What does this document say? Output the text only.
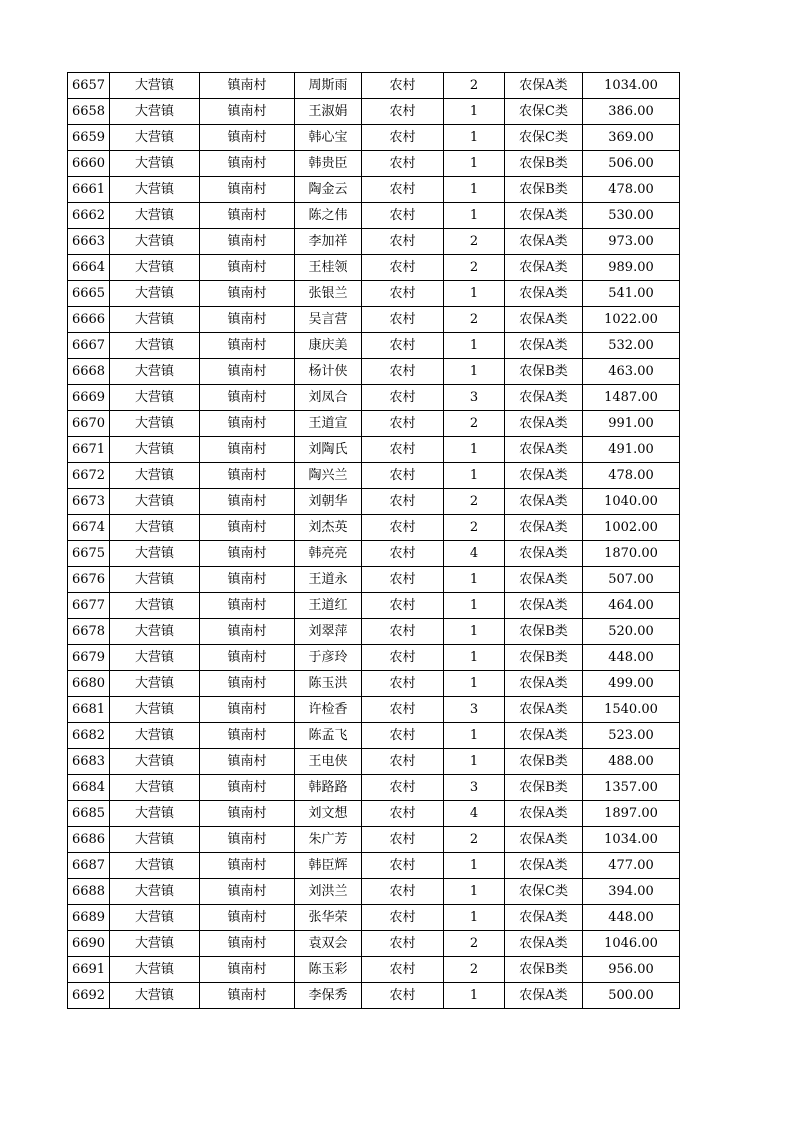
6657	大营镇	镇南村	周斯雨	农村	2	农保A类	1034.00
6658	大营镇	镇南村	王淑娟	农村	1	农保C类	386.00
6659	大营镇	镇南村	韩心宝	农村	1	农保C类	369.00
6660	大营镇	镇南村	韩贵臣	农村	1	农保B类	506.00
6661	大营镇	镇南村	陶金云	农村	1	农保B类	478.00
6662	大营镇	镇南村	陈之伟	农村	1	农保A类	530.00
6663	大营镇	镇南村	李加祥	农村	2	农保A类	973.00
6664	大营镇	镇南村	王桂领	农村	2	农保A类	989.00
6665	大营镇	镇南村	张银兰	农村	1	农保A类	541.00
6666	大营镇	镇南村	吴言营	农村	2	农保A类	1022.00
6667	大营镇	镇南村	康庆美	农村	1	农保A类	532.00
6668	大营镇	镇南村	杨计侠	农村	1	农保B类	463.00
6669	大营镇	镇南村	刘凤合	农村	3	农保A类	1487.00
6670	大营镇	镇南村	王道宣	农村	2	农保A类	991.00
6671	大营镇	镇南村	刘陶氏	农村	1	农保A类	491.00
6672	大营镇	镇南村	陶兴兰	农村	1	农保A类	478.00
6673	大营镇	镇南村	刘朝华	农村	2	农保A类	1040.00
6674	大营镇	镇南村	刘杰英	农村	2	农保A类	1002.00
6675	大营镇	镇南村	韩亮亮	农村	4	农保A类	1870.00
6676	大营镇	镇南村	王道永	农村	1	农保A类	507.00
6677	大营镇	镇南村	王道红	农村	1	农保A类	464.00
6678	大营镇	镇南村	刘翠萍	农村	1	农保B类	520.00
6679	大营镇	镇南村	于彦玲	农村	1	农保B类	448.00
6680	大营镇	镇南村	陈玉洪	农村	1	农保A类	499.00
6681	大营镇	镇南村	许检香	农村	3	农保A类	1540.00
6682	大营镇	镇南村	陈孟飞	农村	1	农保A类	523.00
6683	大营镇	镇南村	王电侠	农村	1	农保B类	488.00
6684	大营镇	镇南村	韩路路	农村	3	农保B类	1357.00
6685	大营镇	镇南村	刘文想	农村	4	农保A类	1897.00
6686	大营镇	镇南村	朱广芳	农村	2	农保A类	1034.00
6687	大营镇	镇南村	韩臣辉	农村	1	农保A类	477.00
6688	大营镇	镇南村	刘洪兰	农村	1	农保C类	394.00
6689	大营镇	镇南村	张华荣	农村	1	农保A类	448.00
6690	大营镇	镇南村	袁双会	农村	2	农保A类	1046.00
6691	大营镇	镇南村	陈玉彩	农村	2	农保B类	956.00
6692	大营镇	镇南村	李保秀	农村	1	农保A类	500.00
